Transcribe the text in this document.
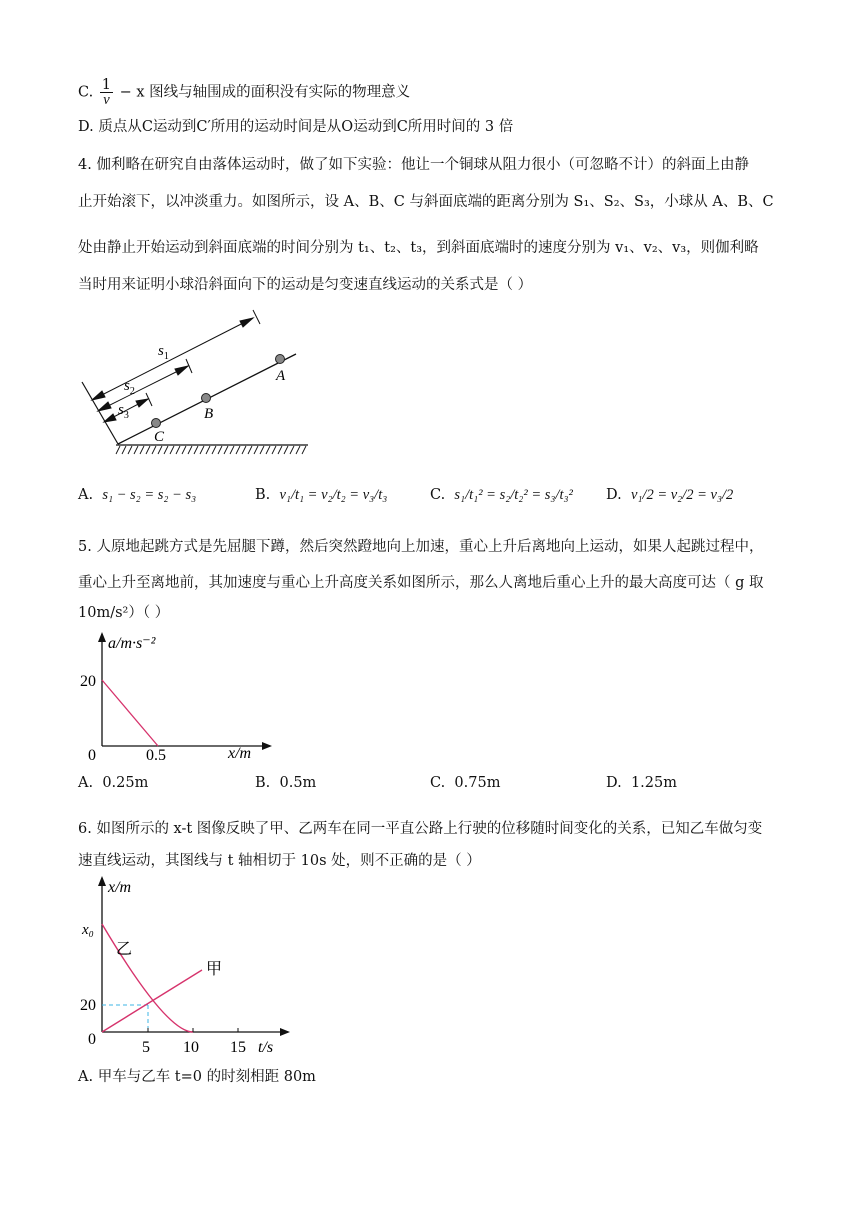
C. $\frac{1}{v} - x$ 图线与轴围成的面积没有实际的物理意义
D. 质点从C运动到C′所用的运动时间是从O运动到C所用时间的 3 倍
4. 伽利略在研究自由落体运动时，做了如下实验：他让一个铜球从阻力很小（可忽略不计）的斜面上由静
止开始滚下，以冲淡重力。如图所示，设 A、B、C 与斜面底端的距离分别为 S₁、S₂、S₃，小球从 A、B、C
处由静止开始运动到斜面底端的时间分别为 t₁、t₂、t₃，到斜面底端时的速度分别为 v₁、v₂、v₃，则伽利略
当时用来证明小球沿斜面向下的运动是匀变速直线运动的关系式是（ ）
$s_1$
$s_2$
$s_3$
A
B
C
A. s₁ − s₂ = s₂ − s₃	B. v₁/t₁ = v₂/t₂ = v₃/t₃	C. s₁/t₁² = s₂/t₂² = s₃/t₃² D. v₁/2 = v₂/2 = v₃/2
5. 人原地起跳方式是先屈腿下蹲，然后突然蹬地向上加速，重心上升后离地向上运动，如果人起跳过程中，
重心上升至离地前，其加速度与重心上升高度关系如图所示，那么人离地后重心上升的最大高度可达（ g 取
10m/s²）（ ）
a/m·s⁻²
20
0	0.5	x/m
A. 0.25m	B. 0.5m	C. 0.75m	D. 1.25m
6. 如图所示的 x-t 图像反映了甲、乙两车在同一平直公路上行驶的位移随时间变化的关系，已知乙车做匀变
速直线运动，其图线与 t 轴相切于 10s 处，则不正确的是（ ）
x/m
x₀
20
0	5 10 15 t/s
乙
甲
A. 甲车与乙车 t=0 的时刻相距 80m
